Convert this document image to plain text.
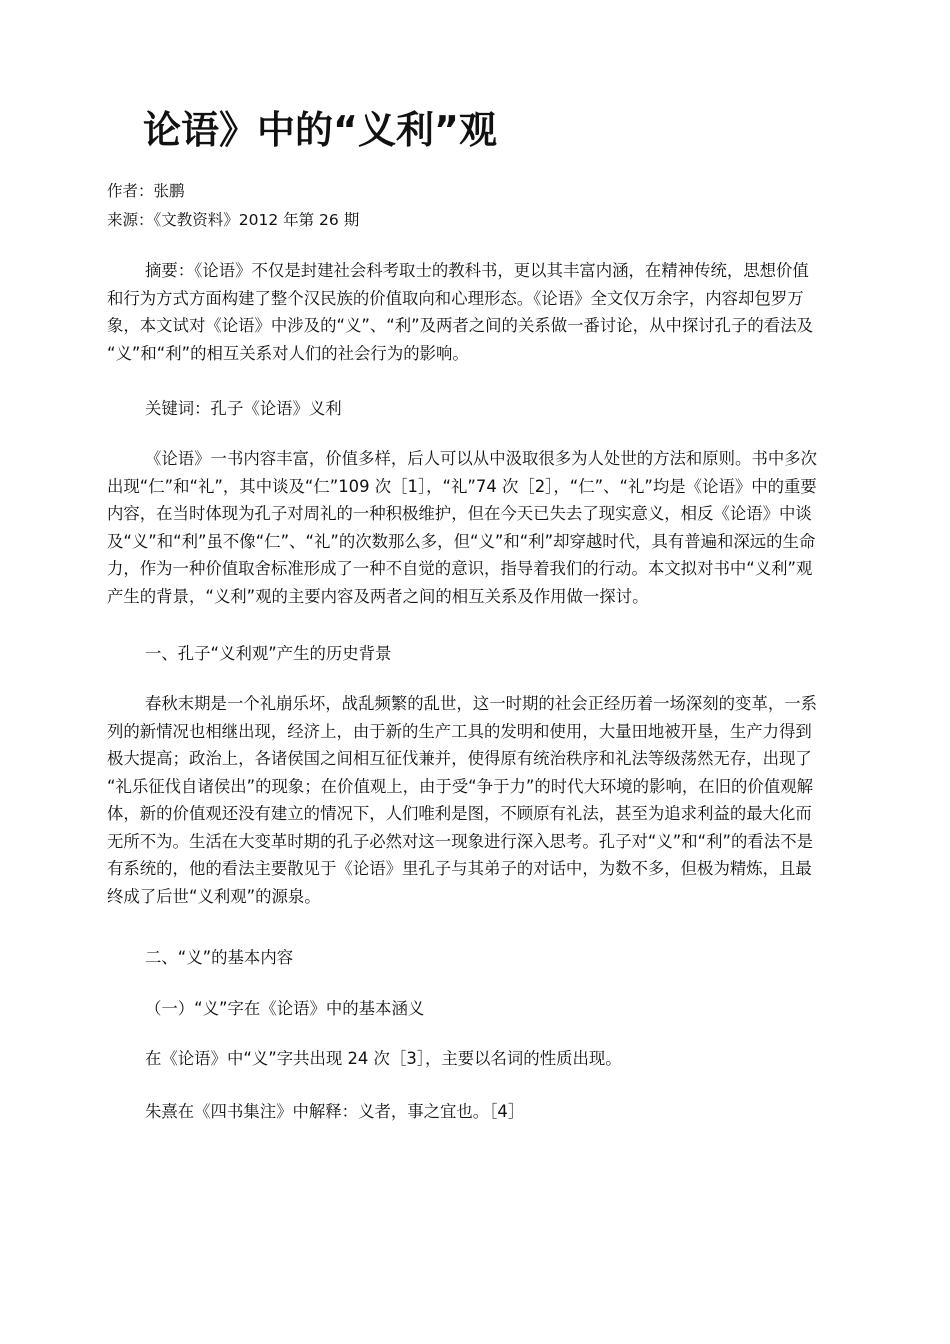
论语》中的“义利”观
作者：张鹏
来源：《文教资料》2012 年第 26 期
摘要：《论语》不仅是封建社会科考取士的教科书，更以其丰富内涵，在精神传统，思想价值
和行为方式方面构建了整个汉民族的价值取向和心理形态。《论语》全文仅万余字，内容却包罗万
象，本文试对《论语》中涉及的“义”、“利”及两者之间的关系做一番讨论，从中探讨孔子的看法及
“义”和“利”的相互关系对人们的社会行为的影响。
关键词：孔子《论语》义利
《论语》一书内容丰富，价值多样，后人可以从中汲取很多为人处世的方法和原则。书中多次
出现“仁”和“礼”，其中谈及“仁”109 次［1］，“礼”74 次［2］，“仁”、“礼”均是《论语》中的重要
内容，在当时体现为孔子对周礼的一种积极维护，但在今天已失去了现实意义，相反《论语》中谈
及“义”和“利”虽不像“仁”、“礼”的次数那么多，但“义”和“利”却穿越时代，具有普遍和深远的生命
力，作为一种价值取舍标准形成了一种不自觉的意识，指导着我们的行动。本文拟对书中“义利”观
产生的背景，“义利”观的主要内容及两者之间的相互关系及作用做一探讨。
一、孔子“义利观”产生的历史背景
春秋末期是一个礼崩乐坏，战乱频繁的乱世，这一时期的社会正经历着一场深刻的变革，一系
列的新情况也相继出现，经济上，由于新的生产工具的发明和使用，大量田地被开垦，生产力得到
极大提高；政治上，各诸侯国之间相互征伐兼并，使得原有统治秩序和礼法等级荡然无存，出现了
“礼乐征伐自诸侯出”的现象；在价值观上，由于受“争于力”的时代大环境的影响，在旧的价值观解
体，新的价值观还没有建立的情况下，人们唯利是图，不顾原有礼法，甚至为追求利益的最大化而
无所不为。生活在大变革时期的孔子必然对这一现象进行深入思考。孔子对“义”和“利”的看法不是
有系统的，他的看法主要散见于《论语》里孔子与其弟子的对话中，为数不多，但极为精炼，且最
终成了后世“义利观”的源泉。
二、“义”的基本内容
（一）“义”字在《论语》中的基本涵义
在《论语》中“义”字共出现 24 次［3］，主要以名词的性质出现。
朱熹在《四书集注》中解释：义者，事之宜也。［4］
